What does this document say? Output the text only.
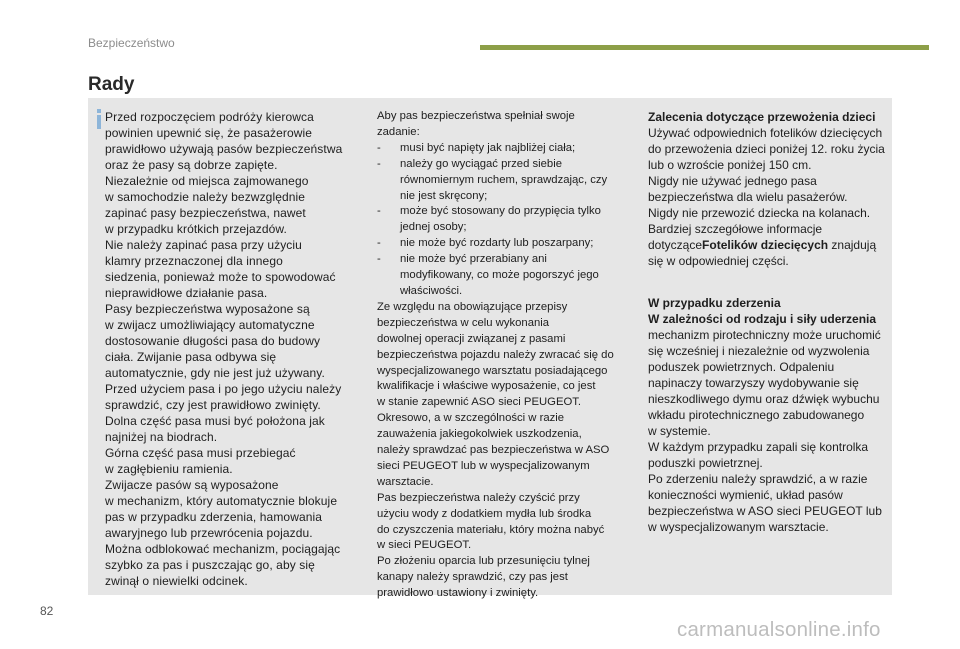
Bezpieczeństwo
Rady

Przed rozpoczęciem podróży kierowca

powinien upewnić się, że pasażerowie

prawidłowo używają pasów bezpieczeństwa

oraz że pasy są dobrze zapięte.

Niezależnie od miejsca zajmowanego

w samochodzie należy bezwzględnie

zapinać pasy bezpieczeństwa, nawet

w przypadku krótkich przejazdów.

Nie należy zapinać pasa przy użyciu

klamry przeznaczonej dla innego

siedzenia, ponieważ może to spowodować

nieprawidłowe działanie pasa.

Pasy bezpieczeństwa wyposażone są

w zwijacz umożliwiający automatyczne

dostosowanie długości pasa do budowy

ciała. Zwijanie pasa odbywa się

automatycznie, gdy nie jest już używany.

Przed użyciem pasa i po jego użyciu należy

sprawdzić, czy jest prawidłowo zwinięty.

Dolna część pasa musi być położona jak

najniżej na biodrach.

Górna część pasa musi przebiegać

w zagłębieniu ramienia.

Zwijacze pasów są wyposażone

w mechanizm, który automatycznie blokuje

pas w przypadku zderzenia, hamowania

awaryjnego lub przewrócenia pojazdu.

Można odblokować mechanizm, pociągając

szybko za pas i puszczając go, aby się

zwinął o niewielki odcinek.

Aby pas bezpieczeństwa spełniał swoje

zadanie:

-	musi być napięty jak najbliżej ciała;
-	należy go wyciągać przed siebie
równomiernym ruchem, sprawdzając, czy
nie jest skręcony;
-	może być stosowany do przypięcia tylko
jednej osoby;
-	nie może być rozdarty lub poszarpany;
-	nie może być przerabiany ani
modyfikowany, co może pogorszyć jego
właściwości.

Ze względu na obowiązujące przepisy

bezpieczeństwa w celu wykonania

dowolnej operacji związanej z pasami

bezpieczeństwa pojazdu należy zwracać się do

wyspecjalizowanego warsztatu posiadającego

kwalifikacje i właściwe wyposażenie, co jest

w stanie zapewnić ASO sieci PEUGEOT.

Okresowo, a w szczególności w razie

zauważenia jakiegokolwiek uszkodzenia,

należy sprawdzać pas bezpieczeństwa w ASO

sieci PEUGEOT lub w wyspecjalizowanym

warsztacie.

Pas bezpieczeństwa należy czyścić przy

użyciu wody z dodatkiem mydła lub środka

do czyszczenia materiału, który można nabyć

w sieci PEUGEOT.

Po złożeniu oparcia lub przesunięciu tylnej

kanapy należy sprawdzić, czy pas jest

prawidłowo ustawiony i zwinięty.

Zalecenia dotyczące przewożenia dzieci

Używać odpowiednich fotelików dziecięcych

do przewożenia dzieci poniżej 12. roku życia

lub o wzroście poniżej 150 cm.

Nigdy nie używać jednego pasa

bezpieczeństwa dla wielu pasażerów.

Nigdy nie przewozić dziecka na kolanach.

Bardziej szczegółowe informacje

dotycząceFotelików dziecięcych znajdują

się w odpowiedniej części.

W przypadku zderzenia

W zależności od rodzaju i siły uderzenia

mechanizm pirotechniczny może uruchomić

się wcześniej i niezależnie od wyzwolenia

poduszek powietrznych. Odpaleniu

napinaczy towarzyszy wydobywanie się

nieszkodliwego dymu oraz dźwięk wybuchu

wkładu pirotechnicznego zabudowanego

w systemie.

W każdym przypadku zapali się kontrolka

poduszki powietrznej.

Po zderzeniu należy sprawdzić, a w razie

konieczności wymienić, układ pasów

bezpieczeństwa w ASO sieci PEUGEOT lub

w wyspecjalizowanym warsztacie.

82
carmanualsonline.info
